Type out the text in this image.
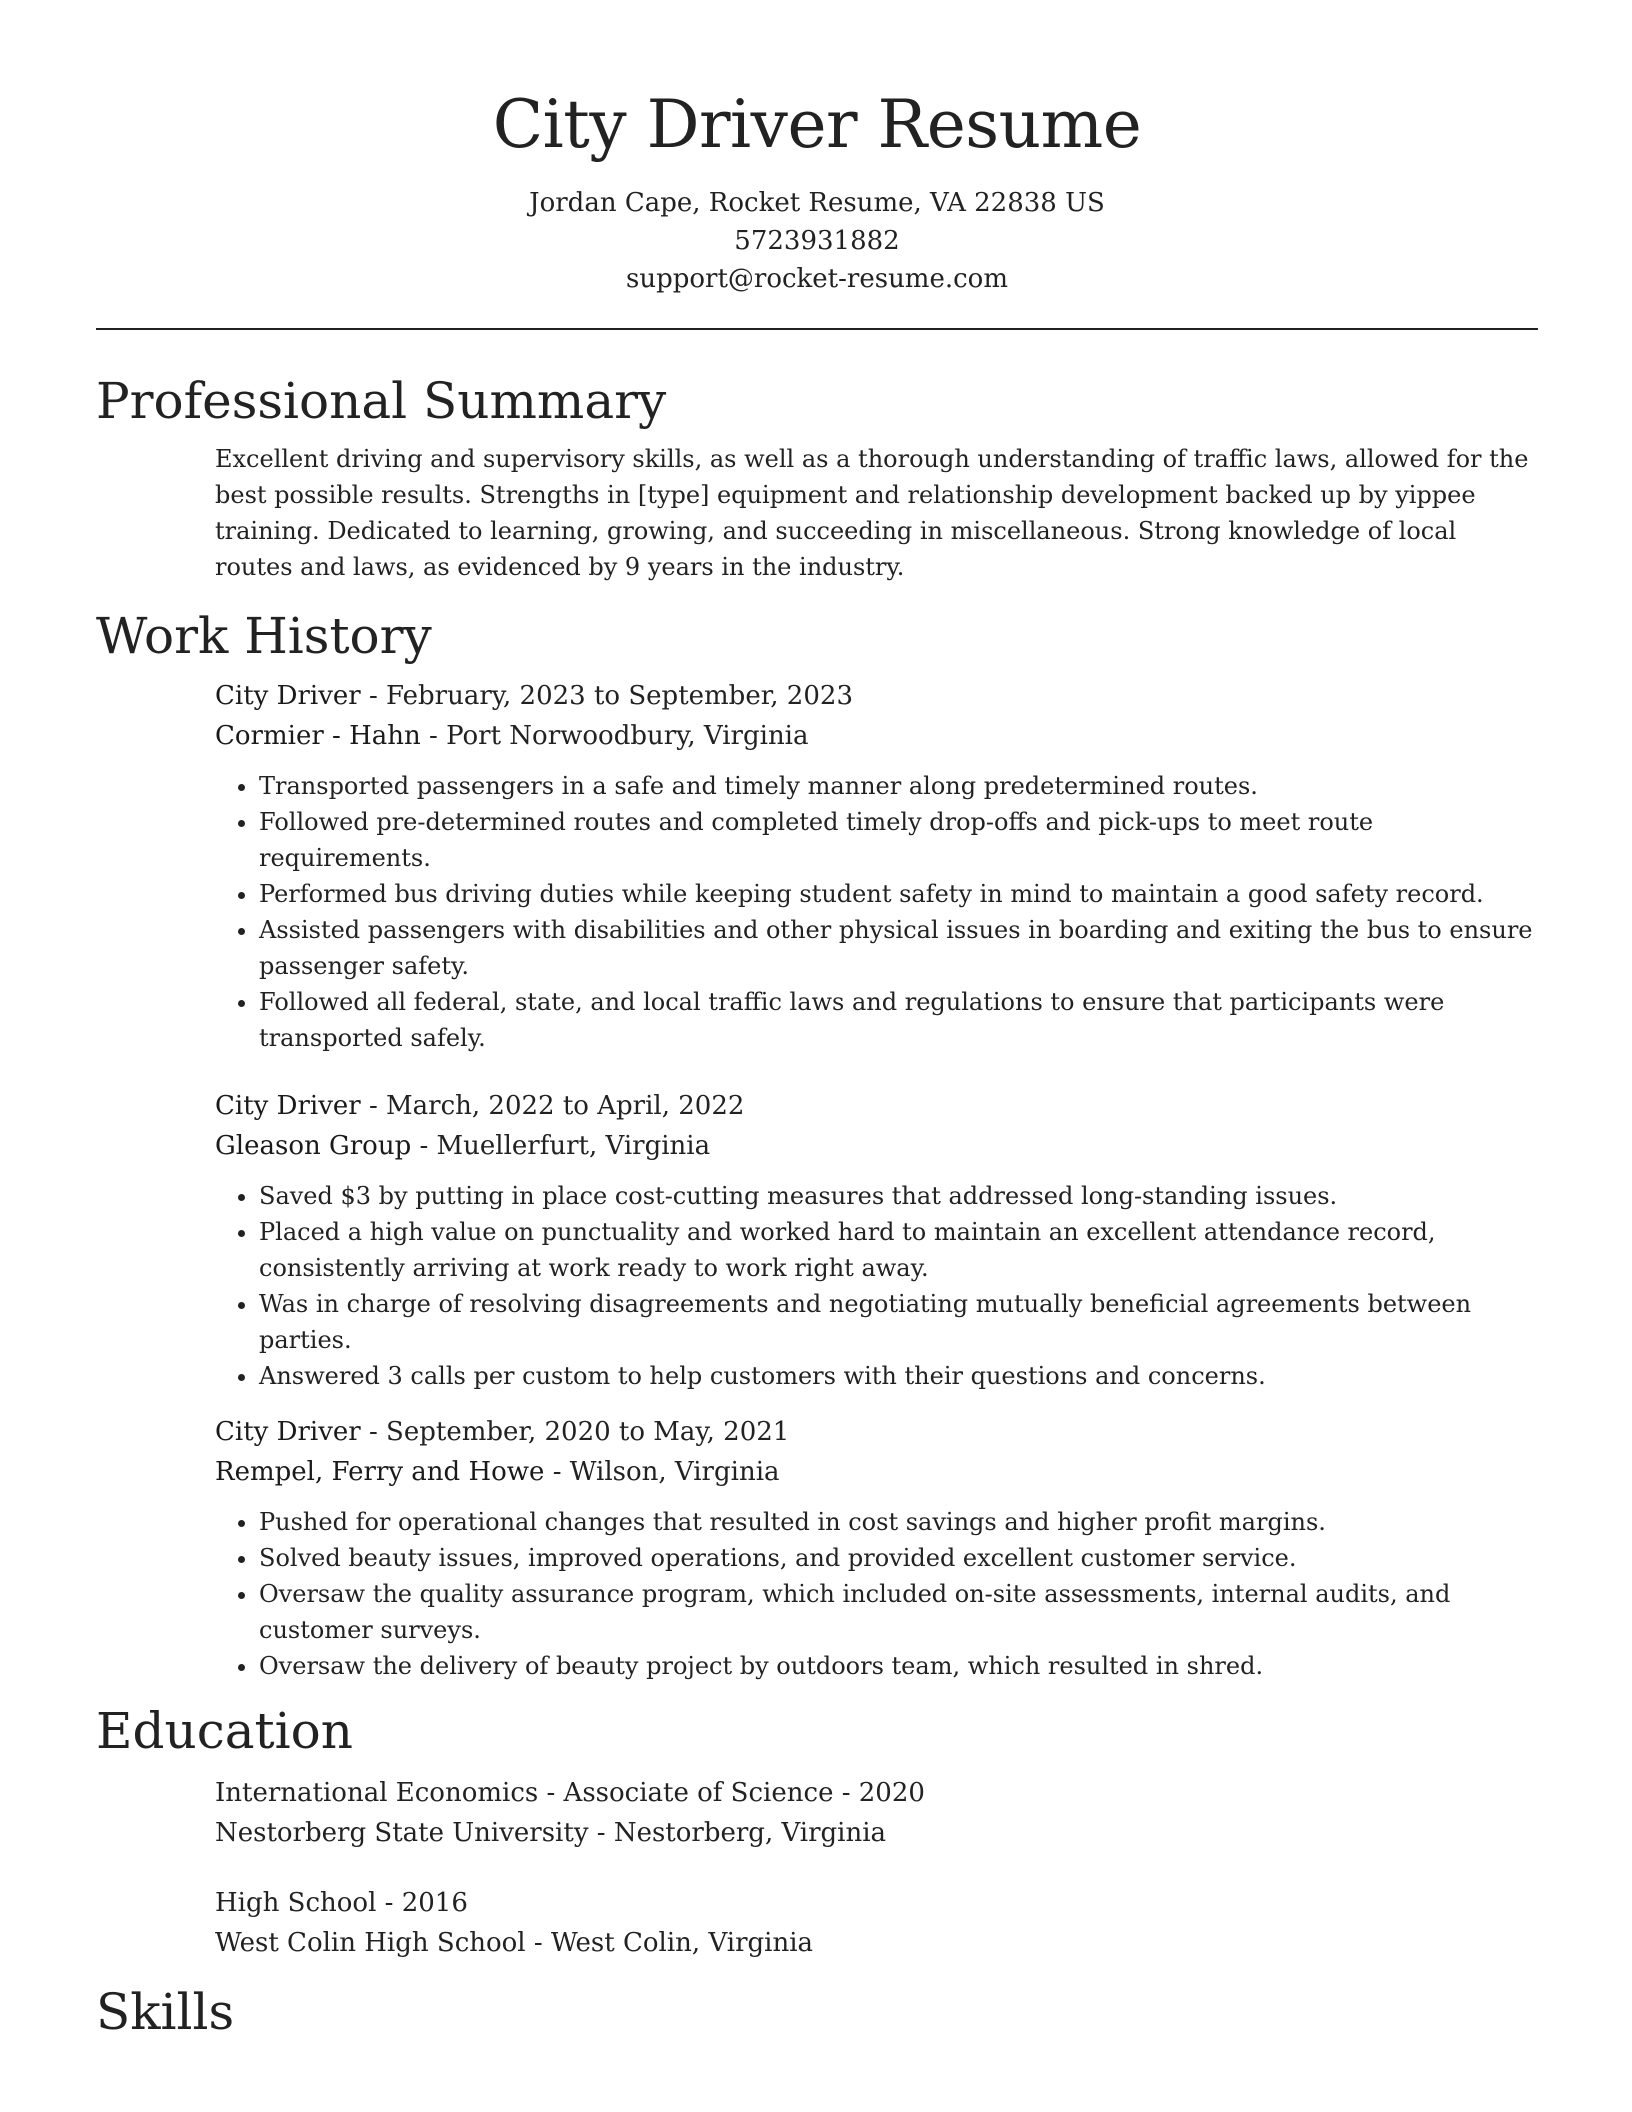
City Driver Resume
Jordan Cape, Rocket Resume, VA 22838 US
5723931882
support@rocket-resume.com
Professional Summary

Excellent driving and supervisory skills, as well as a thorough understanding of traffic laws, allowed for the best possible results. Strengths in [type] equipment and relationship development backed up by yippee training. Dedicated to learning, growing, and succeeding in miscellaneous. Strong knowledge of local routes and laws, as evidenced by 9 years in the industry.

Work History
City Driver - February, 2023 to September, 2023
Cormier - Hahn - Port Norwoodbury, Virginia
• Transported passengers in a safe and timely manner along predetermined routes.
• Followed pre-determined routes and completed timely drop-offs and pick-ups to meet route requirements.
• Performed bus driving duties while keeping student safety in mind to maintain a good safety record.
• Assisted passengers with disabilities and other physical issues in boarding and exiting the bus to ensure passenger safety.
• Followed all federal, state, and local traffic laws and regulations to ensure that participants were transported safely.
City Driver - March, 2022 to April, 2022
Gleason Group - Muellerfurt, Virginia
• Saved $3 by putting in place cost-cutting measures that addressed long-standing issues.
• Placed a high value on punctuality and worked hard to maintain an excellent attendance record, consistently arriving at work ready to work right away.
• Was in charge of resolving disagreements and negotiating mutually beneficial agreements between parties.
• Answered 3 calls per custom to help customers with their questions and concerns.
City Driver - September, 2020 to May, 2021
Rempel, Ferry and Howe - Wilson, Virginia
• Pushed for operational changes that resulted in cost savings and higher profit margins.
• Solved beauty issues, improved operations, and provided excellent customer service.
• Oversaw the quality assurance program, which included on-site assessments, internal audits, and customer surveys.
• Oversaw the delivery of beauty project by outdoors team, which resulted in shred.
Education
International Economics - Associate of Science - 2020
Nestorberg State University - Nestorberg, Virginia
High School - 2016
West Colin High School - West Colin, Virginia
Skills
